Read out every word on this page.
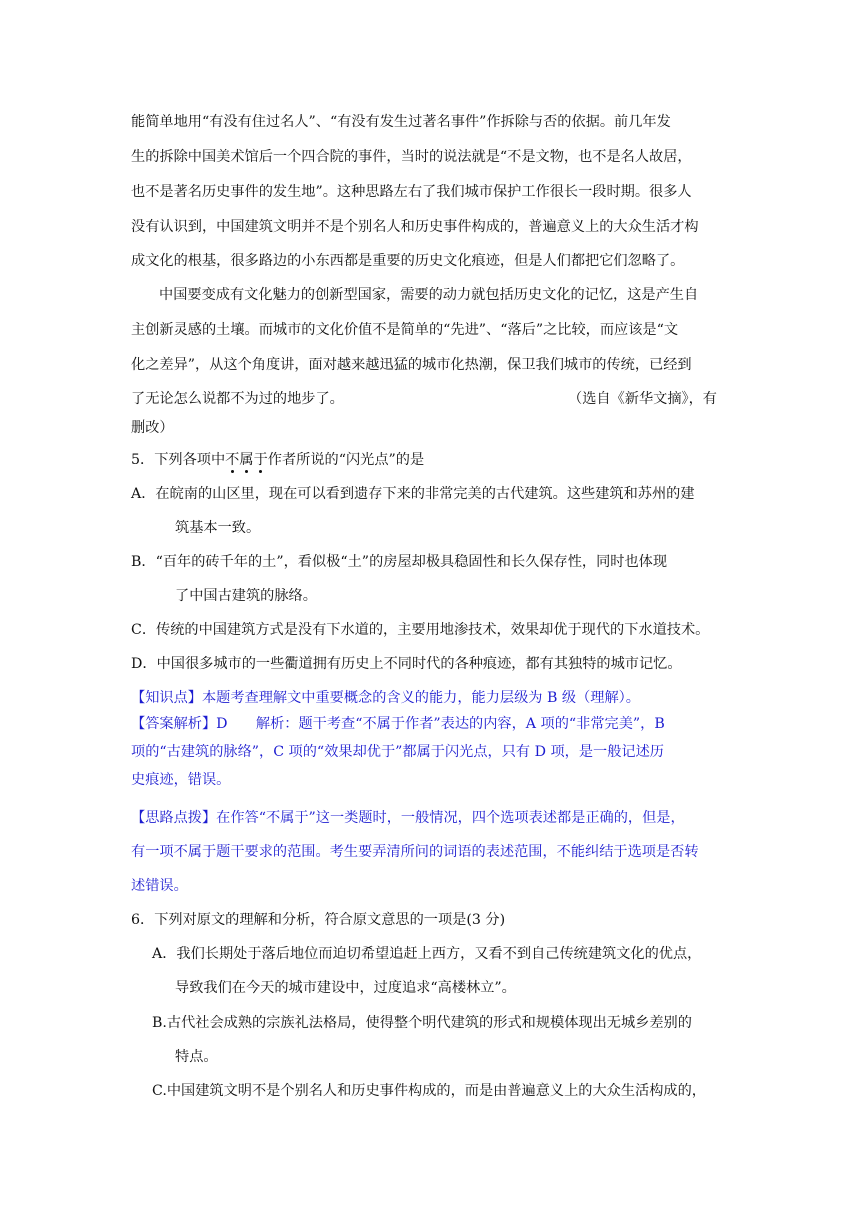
能简单地用“有没有住过名人”、“有没有发生过著名事件”作拆除与否的依据。前几年发

生的拆除中国美术馆后一个四合院的事件，当时的说法就是“不是文物，也不是名人故居，

也不是著名历史事件的发生地”。这种思路左右了我们城市保护工作很长一段时期。很多人

没有认识到，中国建筑文明并不是个别名人和历史事件构成的，普遍意义上的大众生活才构

成文化的根基，很多路边的小东西都是重要的历史文化痕迹，但是人们都把它们忽略了。

中国要变成有文化魅力的创新型国家，需要的动力就包括历史文化的记忆，这是产生自

主创新灵感的土壤。而城市的文化价值不是简单的“先进”、“落后”之比较，而应该是“文

化之差异”，从这个角度讲，面对越来越迅猛的城市化热潮，保卫我们城市的传统，已经到

了无论怎么说都不为过的地步了。	（选自《新华文摘》，有

删改）

5．下列各项中不属于作者所说的“闪光点”的是

A．在皖南的山区里，现在可以看到遗存下来的非常完美的古代建筑。这些建筑和苏州的建

筑基本一致。

B．“百年的砖千年的土”，看似极“土”的房屋却极具稳固性和长久保存性，同时也体现

了中国古建筑的脉络。

C．传统的中国建筑方式是没有下水道的，主要用地渗技术，效果却优于现代的下水道技术。

D．中国很多城市的一些衢道拥有历史上不同时代的各种痕迹，都有其独特的城市记忆。

【知识点】本题考查理解文中重要概念的含义的能力，能力层级为 B 级（理解）。

【答案解析】D　　解析：题干考查“不属于作者”表达的内容，A 项的“非常完美”，B

项的“古建筑的脉络”，C 项的“效果却优于”都属于闪光点，只有 D 项，是一般记述历

史痕迹，错误。

【思路点拨】在作答“不属于”这一类题时，一般情况，四个选项表述都是正确的，但是，

有一项不属于题干要求的范围。考生要弄清所问的词语的表述范围，不能纠结于选项是否转

述错误。

6．下列对原文的理解和分析，符合原文意思的一项是(3 分)

A．我们长期处于落后地位而迫切希望追赶上西方，又看不到自己传统建筑文化的优点，

导致我们在今天的城市建设中，过度追求“高楼林立”。

B.古代社会成熟的宗族礼法格局，使得整个明代建筑的形式和规模体现出无城乡差别的

特点。

C.中国建筑文明不是个别名人和历史事件构成的，而是由普遍意义上的大众生活构成的，
